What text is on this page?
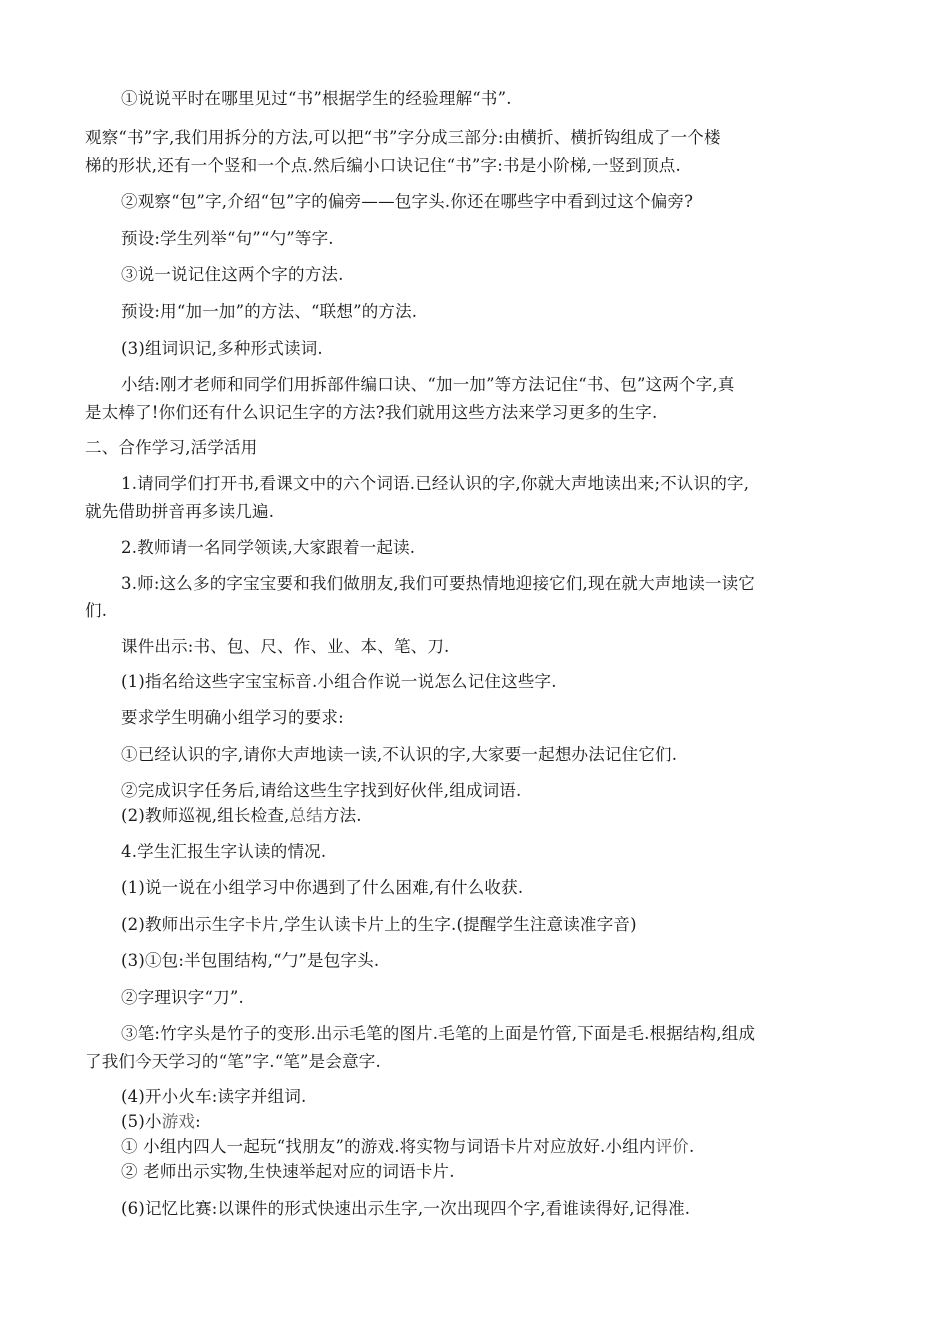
①说说平时在哪里见过“书”根据学生的经验理解“书”.
观察“书”字,我们用拆分的方法,可以把“书”字分成三部分:由横折、横折钩组成了一个楼
梯的形状,还有一个竖和一个点.然后编小口诀记住“书”字:书是小阶梯,一竖到顶点.
②观察“包”字,介绍“包”字的偏旁——包字头.你还在哪些字中看到过这个偏旁?
预设:学生列举“句”“勺”等字.
③说一说记住这两个字的方法.
预设:用“加一加”的方法、“联想”的方法.
(3)组词识记,多种形式读词.
小结:刚才老师和同学们用拆部件编口诀、“加一加”等方法记住“书、包”这两个字,真
是太棒了!你们还有什么识记生字的方法?我们就用这些方法来学习更多的生字.
二、合作学习,活学活用
1.请同学们打开书,看课文中的六个词语.已经认识的字,你就大声地读出来;不认识的字,
就先借助拼音再多读几遍.
2.教师请一名同学领读,大家跟着一起读.
3.师:这么多的字宝宝要和我们做朋友,我们可要热情地迎接它们,现在就大声地读一读它
们.
课件出示:书、包、尺、作、业、本、笔、刀.
(1)指名给这些字宝宝标音.小组合作说一说怎么记住这些字.
要求学生明确小组学习的要求:
①已经认识的字,请你大声地读一读,不认识的字,大家要一起想办法记住它们.
②完成识字任务后,请给这些生字找到好伙伴,组成词语.
(2)教师巡视,组长检查,总结方法.
4.学生汇报生字认读的情况.
(1)说一说在小组学习中你遇到了什么困难,有什么收获.
(2)教师出示生字卡片,学生认读卡片上的生字.(提醒学生注意读准字音)
(3)①包:半包围结构,“勹”是包字头.
②字理识字“刀”.
③笔:竹字头是竹子的变形.出示毛笔的图片.毛笔的上面是竹管,下面是毛.根据结构,组成
了我们今天学习的“笔”字.“笔”是会意字.
(4)开小火车:读字并组词.
(5)小游戏:
① 小组内四人一起玩“找朋友”的游戏.将实物与词语卡片对应放好.小组内评价.
② 老师出示实物,生快速举起对应的词语卡片.
(6)记忆比赛:以课件的形式快速出示生字,一次出现四个字,看谁读得好,记得准.
